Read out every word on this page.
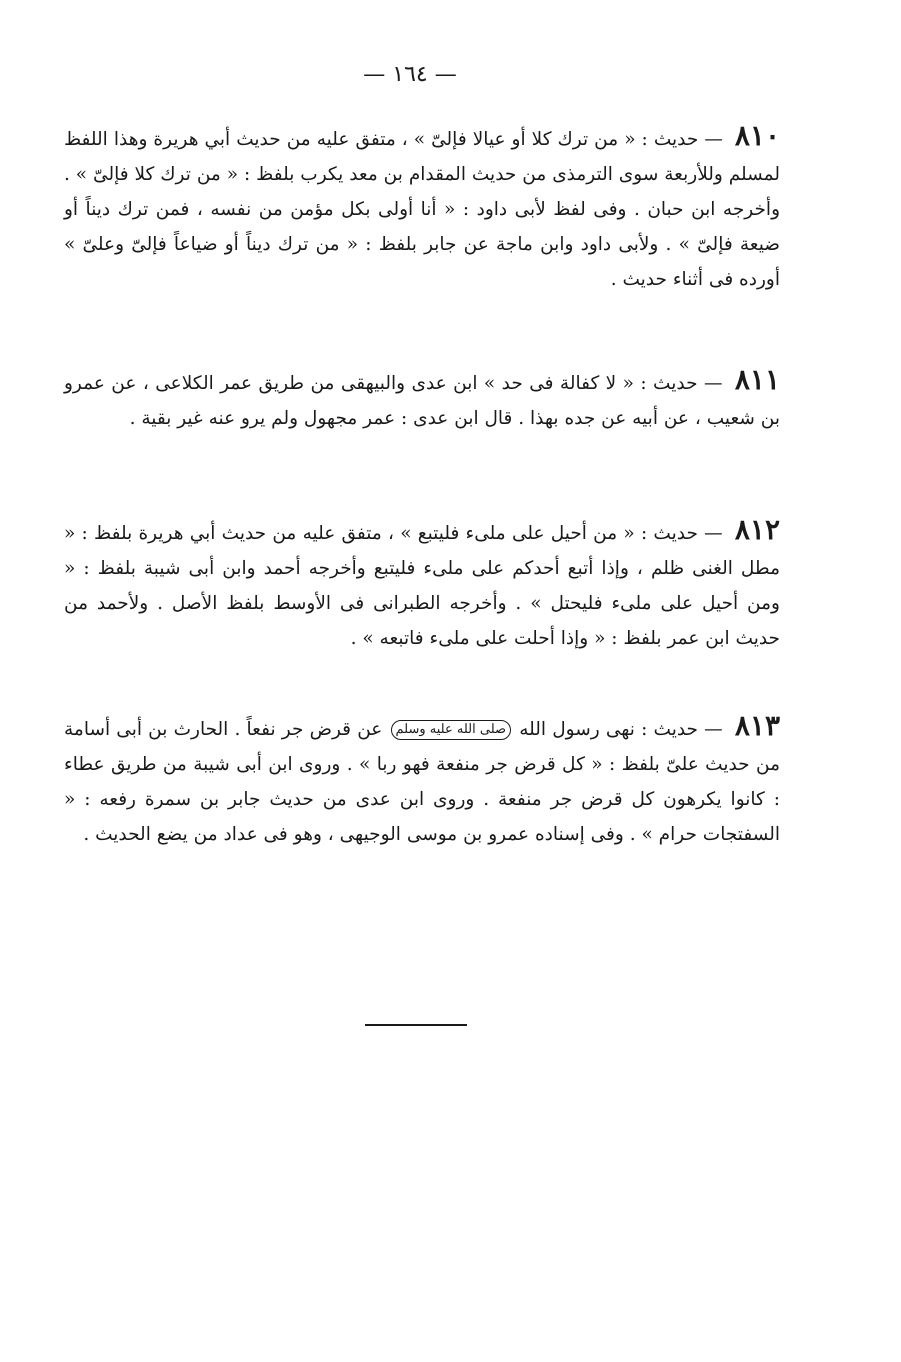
— ١٦٤ —

٨١٠ — حديث : « من ترك كلا أو عيالا فإلىّ » ، متفق عليه من حديث أبي هريرة وهذا اللفظ لمسلم وللأربعة سوى الترمذى من حديث المقدام بن معد يكرب بلفظ : « من ترك كلا فإلىّ » . وأخرجه ابن حبان . وفى لفظ لأبى داود : « أنا أولى بكل مؤمن من نفسه ، فمن ترك ديناً أو ضيعة فإلىّ » . ولأبى داود وابن ماجة عن جابر بلفظ : « من ترك ديناً أو ضياعاً فإلىّ وعلىّ » أورده فى أثناء حديث .

٨١١ — حديث : « لا كفالة فى حد » ابن عدى والبيهقى من طريق عمر الكلاعى ، عن عمرو بن شعيب ، عن أبيه عن جده بهذا . قال ابن عدى : عمر مجهول ولم يرو عنه غير بقية .

٨١٢ — حديث : « من أحيل على ملىء فليتبع » ، متفق عليه من حديث أبي هريرة بلفظ : « مطل الغنى ظلم ، وإذا أتبع أحدكم على ملىء فليتبع وأخرجه أحمد وابن أبى شيبة بلفظ : « ومن أحيل على ملىء فليحتل » . وأخرجه الطبرانى فى الأوسط بلفظ الأصل . ولأحمد من حديث ابن عمر بلفظ : « وإذا أحلت على ملىء فاتبعه » .

٨١٣ — حديث : نهى رسول الله صلى الله عليه وسلم عن قرض جر نفعاً . الحارث بن أبى أسامة من حديث علىّ بلفظ : « كل قرض جر منفعة فهو ربا » . وروى ابن أبى شيبة من طريق عطاء : كانوا يكرهون كل قرض جر منفعة . وروى ابن عدى من حديث جابر بن سمرة رفعه : « السفتجات حرام » . وفى إسناده عمرو بن موسى الوجيهى ، وهو فى عداد من يضع الحديث .
